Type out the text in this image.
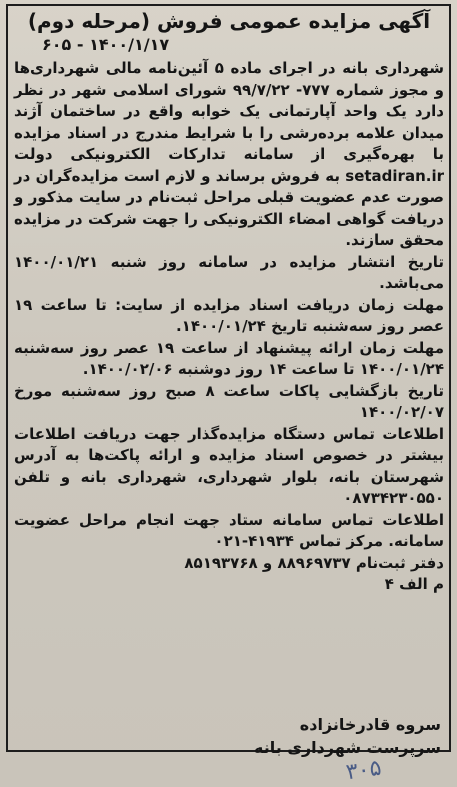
آگهی مزایده عمومی فروش (مرحله دوم)

۶۰۵ - ۱۴۰۰/۱/۱۷

شهرداری بانه در اجرای ماده ۵ آئین‌نامه مالی شهرداری‌ها و مجوز شماره ۷۷۷- ۹۹/۷/۲۲ شورای اسلامی شهر در نظر دارد یک واحد آپارتمانی یک خوابه واقع در ساختمان آژند میدان علامه برده‌رشی را با شرایط مندرج در اسناد مزایده با بهره‌گیری از سامانه تدارکات الکترونیکی دولت setadiran.ir به فروش برساند و لازم است مزایده‌گران در صورت عدم عضویت قبلی مراحل ثبت‌نام در سایت مذکور و دریافت گواهی امضاء الکترونیکی را جهت شرکت در مزایده محقق سازند.

تاریخ انتشار مزایده در سامانه روز شنبه ۱۴۰۰/۰۱/۲۱ می‌باشد.

مهلت زمان دریافت اسناد مزایده از سایت: تا ساعت ۱۹ عصر روز سه‌شنبه تاریخ ۱۴۰۰/۰۱/۲۴.

مهلت زمان ارائه پیشنهاد از ساعت ۱۹ عصر روز سه‌شنبه ۱۴۰۰/۰۱/۲۴ تا ساعت ۱۴ روز دوشنبه ۱۴۰۰/۰۲/۰۶.

تاریخ بازگشایی پاکات ساعت ۸ صبح روز سه‌شنبه مورخ ۱۴۰۰/۰۲/۰۷

اطلاعات تماس دستگاه مزایده‌گذار جهت دریافت اطلاعات بیشتر در خصوص اسناد مزایده و ارائه پاکت‌ها به آدرس شهرستان بانه، بلوار شهرداری، شهرداری بانه و تلفن ۰۸۷۳۴۲۳۰۵۵۰

اطلاعات تماس سامانه ستاد جهت انجام مراحل عضویت سامانه. مرکز تماس ۴۱۹۳۴-۰۲۱

دفتر ثبت‌نام ۸۸۹۶۹۷۳۷ و ۸۵۱۹۳۷۶۸

م الف ۴

سروه قادرخانزاده
سرپرست شهرداری بانه
۳۰۵
